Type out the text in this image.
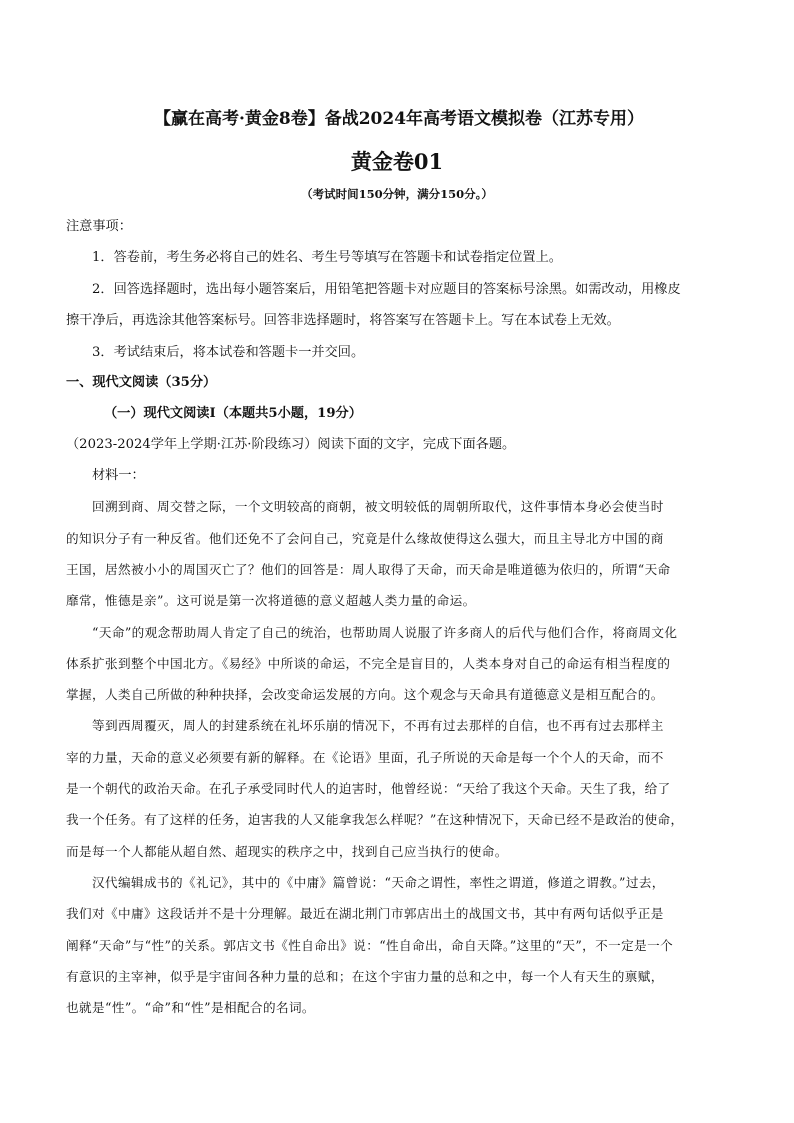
【赢在高考·黄金8卷】备战2024年高考语文模拟卷（江苏专用）
黄金卷01
（考试时间150分钟，满分150分。）
注意事项：
1．答卷前，考生务必将自己的姓名、考生号等填写在答题卡和试卷指定位置上。
2．回答选择题时，选出每小题答案后，用铅笔把答题卡对应题目的答案标号涂黑。如需改动，用橡皮
擦干净后，再选涂其他答案标号。回答非选择题时，将答案写在答题卡上。写在本试卷上无效。
3．考试结束后，将本试卷和答题卡一并交回。
一、现代文阅读（35分）
（一）现代文阅读Ⅰ（本题共5小题，19分）
（2023-2024学年上学期·江苏·阶段练习）阅读下面的文字，完成下面各题。
材料一：
回溯到商、周交替之际，一个文明较高的商朝，被文明较低的周朝所取代，这件事情本身必会使当时
的知识分子有一种反省。他们还免不了会问自己，究竟是什么缘故使得这么强大，而且主导北方中国的商
王国，居然被小小的周国灭亡了？他们的回答是：周人取得了天命，而天命是唯道德为依归的，所谓“天命
靡常，惟德是亲”。这可说是第一次将道德的意义超越人类力量的命运。
“天命”的观念帮助周人肯定了自己的统治，也帮助周人说服了许多商人的后代与他们合作，将商周文化
体系扩张到整个中国北方。《易经》中所谈的命运，不完全是盲目的，人类本身对自己的命运有相当程度的
掌握，人类自己所做的种种抉择，会改变命运发展的方向。这个观念与天命具有道德意义是相互配合的。
等到西周覆灭，周人的封建系统在礼坏乐崩的情况下，不再有过去那样的自信，也不再有过去那样主
宰的力量，天命的意义必须要有新的解释。在《论语》里面，孔子所说的天命是每一个个人的天命，而不
是一个朝代的政治天命。在孔子承受同时代人的迫害时，他曾经说：“天给了我这个天命。天生了我，给了
我一个任务。有了这样的任务，迫害我的人又能拿我怎么样呢？”在这种情况下，天命已经不是政治的使命，
而是每一个人都能从超自然、超现实的秩序之中，找到自己应当执行的使命。
汉代编辑成书的《礼记》，其中的《中庸》篇曾说：“天命之谓性，率性之谓道，修道之谓教。”过去，
我们对《中庸》这段话并不是十分理解。最近在湖北荆门市郭店出土的战国文书，其中有两句话似乎正是
阐释“天命”与“性”的关系。郭店文书《性自命出》说：“性自命出，命自天降。”这里的“天”，不一定是一个
有意识的主宰神，似乎是宇宙间各种力量的总和；在这个宇宙力量的总和之中，每一个人有天生的禀赋，
也就是“性”。“命”和“性”是相配合的名词。
